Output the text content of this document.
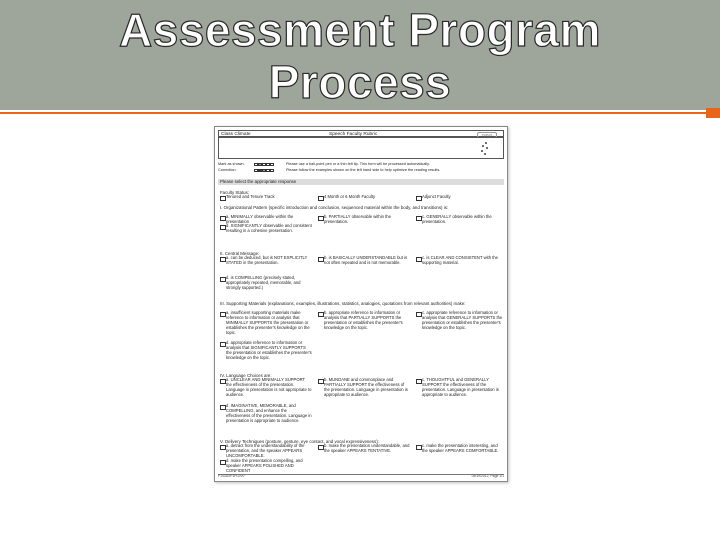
Assessment Program
Process
Class Climate	Speech Faculty Rubric	evasys
Mark as shown:	Please use a ball-point pen or a thin felt tip. This form will be processed automatically.
Correction:	Please follow the examples shown on the left hand side to help optimize the reading results.
Please select the appropriate response
Faculty Status:
Tenured and Tenure Track	4 Month or 6 Month Faculty	Adjunct Faculty
I. Organizational Pattern (specific introduction and conclusion, sequenced material within the body, and transitions) is:
a. MINIMALLY observable within the presentation
b. PARTIALLY observable within the presentation.
c. GENERALLY observable within the presentation.
d. SIGNIFICANTLY observable and consistent resulting in a cohesive presentation.
II. Central Message:
a. can be deduced, but is NOT EXPLICITLY STATED in the presentation.
b. is BASICALLY UNDERSTANDABLE but is not often repeated and is not memorable.
c. is CLEAR AND CONSISTENT with the supporting material.
d. is COMPELLING (precisely stated, appropriately repeated, memorable, and strongly supported.)
III. Supporting Materials (explanations, examples, illustrations, statistics, analogies, quotations from relevant authorities) make:
a. insufficient supporting materials make reference to information or analysis that MINIMALLY SUPPORTS the presentation or establishes the presenter's knowledge on the topic.
b. appropriate reference to information or analysis that PARTIALLY SUPPORTS the presentation or establishes the presenter's knowledge on the topic.
c. appropriate reference to information or analysis that GENERALLY SUPPORTS the presentation or establishes the presenter's knowledge on the topic.
d. appropriate reference to information or analysis that SIGNIFICANTLY SUPPORTS the presentation or establishes the presenter's knowledge on the topic.
IV. Language Choices are:
a. UNCLEAR AND MINIMALLY SUPPORT the effectiveness of the presentation. Language in presentation is not appropriate to audience.
b. MUNDANE and commonplace and PARTIALLY SUPPORT the effectiveness of the presentation. Language in presentation is appropriate to audience.
c. THOUGHTFUL and GENERALLY SUPPORT the effectiveness of the presentation. Language in presentation is appropriate to audience.
d. IMAGINATIVE, MEMORABLE, and COMPELLING, and enhance the effectiveness of the presentation. Language in presentation is appropriate to audience.
V. Delivery Techniques (posture, gesture, eye contact, and vocal expressiveness):
a. detract from the understandability of the presentation, and the speaker APPEARS UNCOMFORTABLE.
b. make the presentation understandable, and the speaker APPEARS TENTATIVE.
c. make the presentation interesting, and the speaker APPEARS COMFORTABLE.
d. make the presentation compelling, and speaker APPEARS POLISHED AND CONFIDENT
F143U0P1PL0V0	05/19/2012, Page 1/1
